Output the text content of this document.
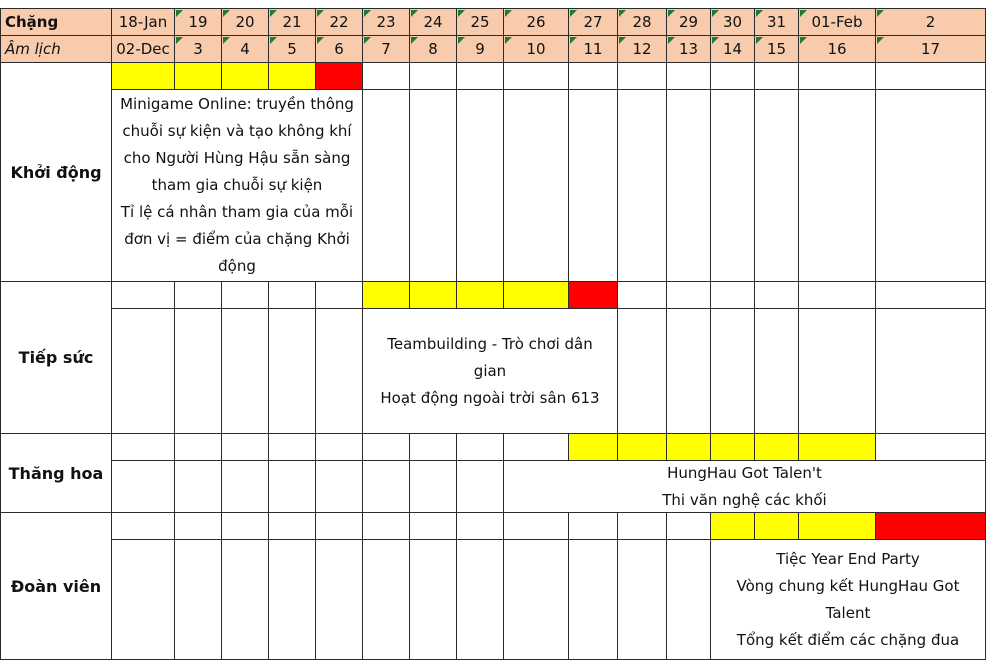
Chặng
Âm lịch
18-Jan
02-Dec
19
3
20
4
21
5
22
6
23
7
24
8
25
9
26
10
27
11
28
12
29
13
30
14
31
15
01-Feb
16
2
17
Khởi động
Tiếp sức
Thăng hoa
Đoàn viên
Minigame Online: truyền thông
chuỗi sự kiện và tạo không khí
cho Người Hùng Hậu sẵn sàng
tham gia chuỗi sự kiện
Tỉ lệ cá nhân tham gia của mỗi
đơn vị = điểm của chặng Khởi
động
Teambuilding - Trò chơi dân
gian
Hoạt động ngoài trời sân 613
HungHau Got Talen't
Thi văn nghệ các khối
Tiệc Year End Party
Vòng chung kết HungHau Got
Talent
Tổng kết điểm các chặng đua
